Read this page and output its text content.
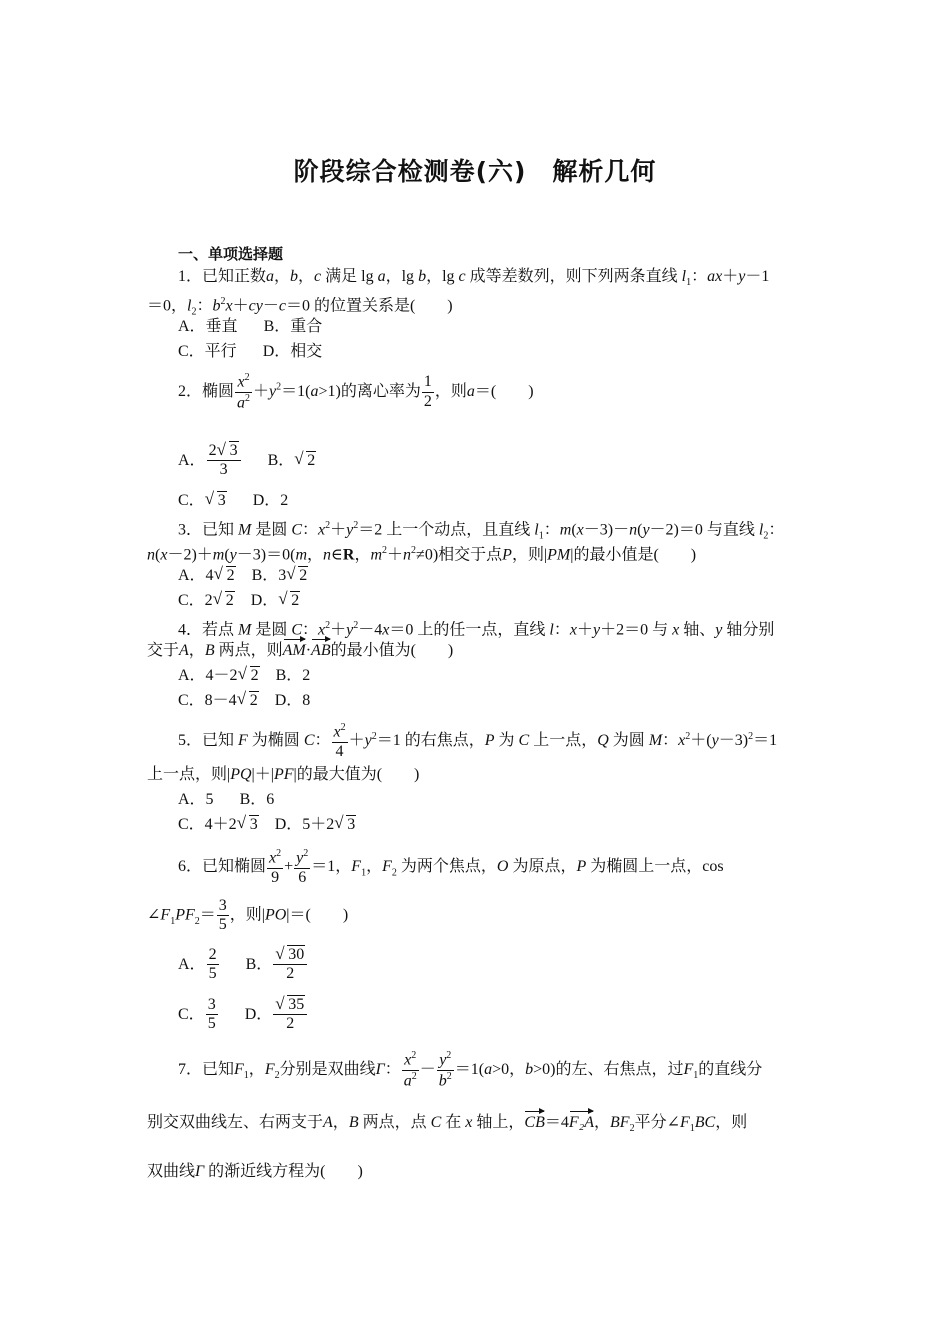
阶段综合检测卷(六)　解析几何
一、单项选择题
1．已知正数a，b，c 满足 lg a，lg b，lg c 成等差数列，则下列两条直线 $l_1$：ax＋y－1
＝0，$l_2$：$b^2x+cy-c=0$ 的位置关系是(　　)
A．垂直 B．重合
C．平行 D．相交
2．椭圆 $\frac{x^2}{a^2} +y^2=1(a>1)$的离心率为 $\frac{1}{2}$ ，则a＝(　　)
A． $\frac{2 √ 3}{3}$ B． √ 2
C． √ 3 D．2
3．已知 M 是圆 C：$x^2+y^2=2$ 上一个动点，且直线 $l_1$：m(x－3)－n(y－2)＝0 与直线 $l_2$：
n(x－2)＋m(y－3)＝0(m，n∈R，$m^2+n^2\ne 0$)相交于点P，则|PM|的最小值是(　　)
A．4 √ 2　 B．3 √ 2
C．2 √ 2　 D． √ 2
4．若点 M 是圆 C：$x^2+y^2-4x=0$ 上的任一点，直线 l：x＋y＋2＝0 与 x 轴、y 轴分别
交于A，B 两点，则AM·AB的最小值为(　　)
A．4－2 √ 2　 B．2
C．8－4 √ 2　 D．8
5．已知 F 为椭圆 C： $\frac{x^2}{4} +y^2=1$ 的右焦点，P 为 C 上一点，Q 为圆 M：$x^2+(y-3)^2=1$
上一点，则|PQ|＋|PF|的最大值为(　　)
A．5 B．6
C．4＋2 √ 3　 D．5＋2 √ 3
6．已知椭圆 $\frac{x^2}{9} + \frac{y^2}{6} =1$，$F_1$，$F_2$ 为两个焦点，O 为原点，P 为椭圆上一点，cos
$\angle F_1PF_2= \frac{3}{5}$ ，则|PO|＝(　　)
A． $\frac{2}{5}$ B． √ $\frac{30}{2}$
C． $\frac{3}{5}$ D． √ $\frac{35}{2}$
7．已知$F_1$，$F_2$分别是双曲线Γ： $\frac{x^2}{a^2} - \frac{y^2}{b^2} =1(a>0$，b>0)的左、右焦点，过$F_1$的直线分
别交双曲线左、右两支于A，B 两点，点 C 在 x 轴上，CB＝4F₂A，$BF_2$平分$\angle F_1BC$，则
双曲线Γ 的渐近线方程为(　　)
